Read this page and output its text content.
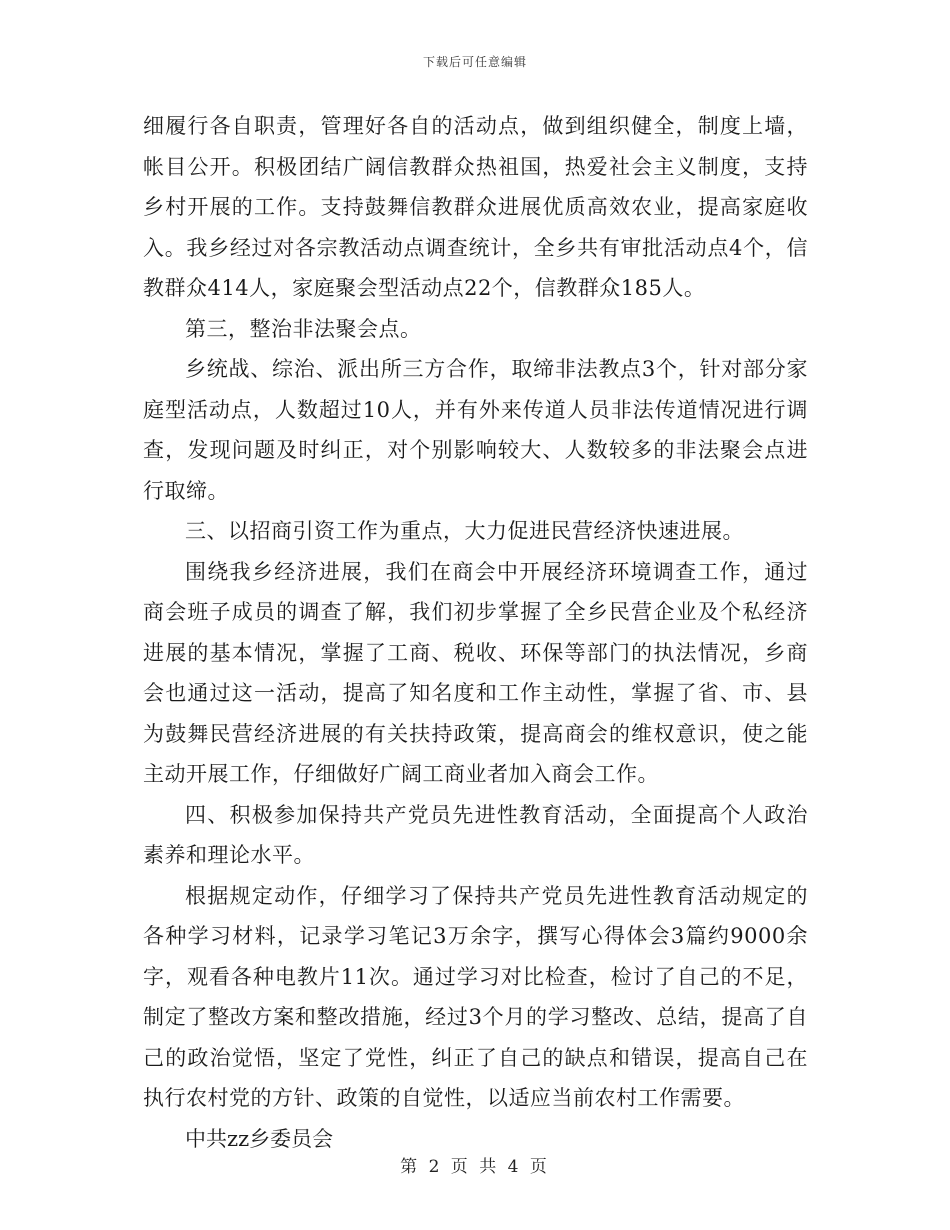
下载后可任意编辑

细履行各自职责，管理好各自的活动点，做到组织健全，制度上墙，帐目公开。积极团结广阔信教群众热祖国，热爱社会主义制度，支持乡村开展的工作。支持鼓舞信教群众进展优质高效农业，提高家庭收入。我乡经过对各宗教活动点调查统计，全乡共有审批活动点4个，信教群众414人，家庭聚会型活动点22个，信教群众185人。

第三，整治非法聚会点。

乡统战、综治、派出所三方合作，取缔非法教点3个，针对部分家庭型活动点，人数超过10人，并有外来传道人员非法传道情况进行调查，发现问题及时纠正，对个别影响较大、人数较多的非法聚会点进行取缔。

三、以招商引资工作为重点，大力促进民营经济快速进展。

围绕我乡经济进展，我们在商会中开展经济环境调查工作，通过商会班子成员的调查了解，我们初步掌握了全乡民营企业及个私经济进展的基本情况，掌握了工商、税收、环保等部门的执法情况，乡商会也通过这一活动，提高了知名度和工作主动性，掌握了省、市、县为鼓舞民营经济进展的有关扶持政策，提高商会的维权意识，使之能主动开展工作，仔细做好广阔工商业者加入商会工作。

四、积极参加保持共产党员先进性教育活动，全面提高个人政治素养和理论水平。

根据规定动作，仔细学习了保持共产党员先进性教育活动规定的各种学习材料，记录学习笔记3万余字，撰写心得体会3篇约9000余字，观看各种电教片11次。通过学习对比检查，检讨了自己的不足，制定了整改方案和整改措施，经过3个月的学习整改、总结，提高了自己的政治觉悟，坚定了党性，纠正了自己的缺点和错误，提高自己在执行农村党的方针、政策的自觉性，以适应当前农村工作需要。

中共zz乡委员会

第 2 页 共 4 页
